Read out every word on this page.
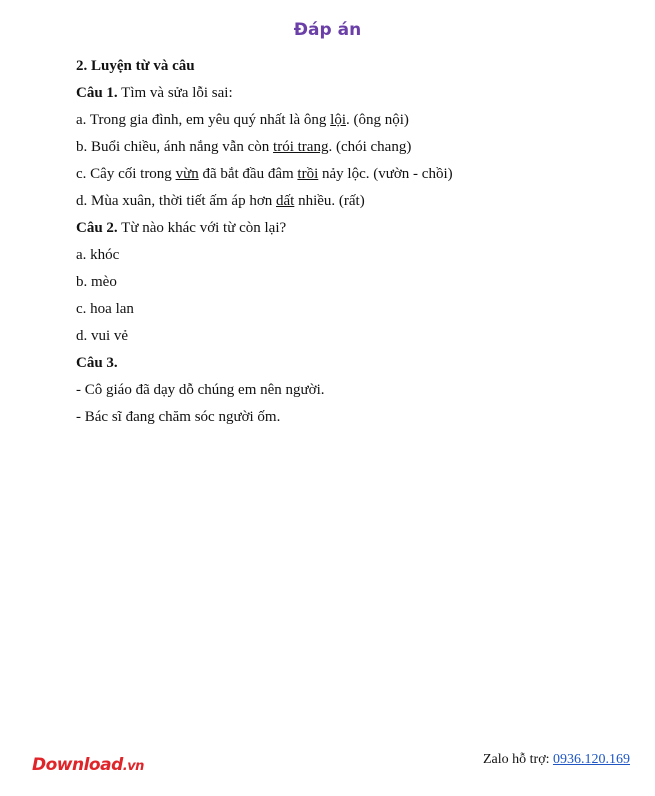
Đáp án
2. Luyện từ và câu
Câu 1. Tìm và sửa lỗi sai:
a. Trong gia đình, em yêu quý nhất là ông lội. (ông nội)
b. Buổi chiều, ánh nắng vẫn còn trói trang. (chói chang)
c. Cây cối trong vừn đã bắt đầu đâm trồi nảy lộc. (vườn - chồi)
d. Mùa xuân, thời tiết ấm áp hơn dất nhiều. (rất)
Câu 2. Từ nào khác với từ còn lại?
a. khóc
b. mèo
c. hoa lan
d. vui vẻ
Câu 3.
- Cô giáo đã dạy dỗ chúng em nên người.
- Bác sĩ đang chăm sóc người ốm.
Download.vn	Zalo hỗ trợ: 0936.120.169
